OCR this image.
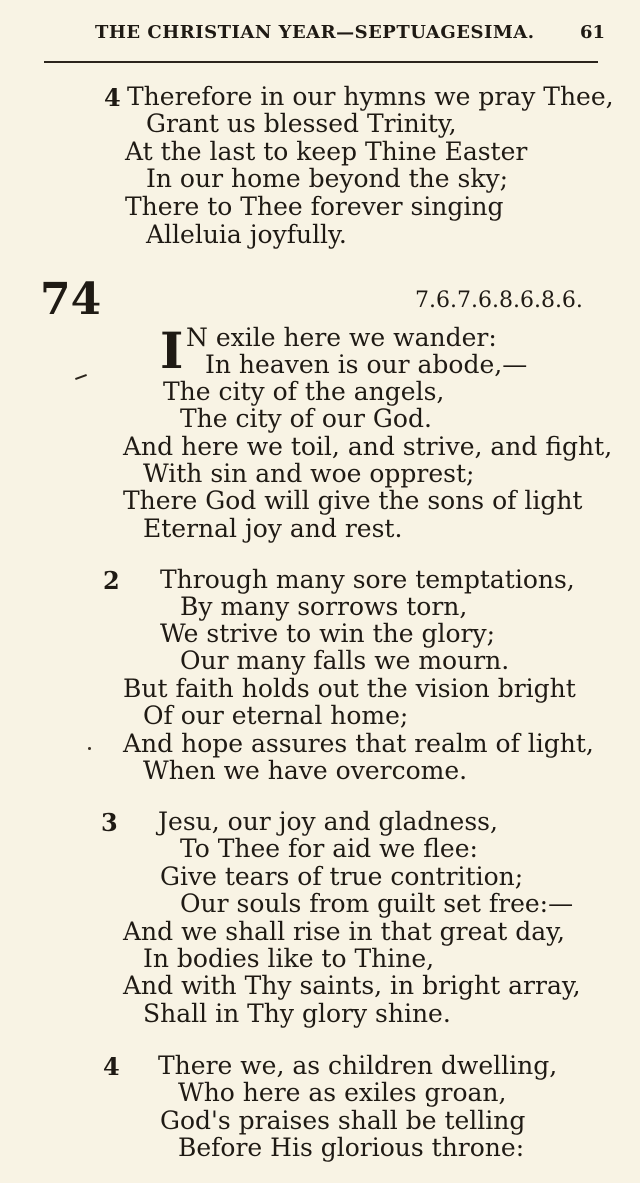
THE CHRISTIAN YEAR—SEPTUAGESIMA.	61
4 Therefore in our hymns we pray Thee,
Grant us blessed Trinity,
At the last to keep Thine Easter
In our home beyond the sky;
There to Thee forever singing
Alleluia joyfully.
74	7.6.7.6.8.6.8.6.
I N exile here we wander:
In heaven is our abode,—
The city of the angels,
The city of our God.
And here we toil, and strive, and fight,
With sin and woe opprest;
There God will give the sons of light
Eternal joy and rest.
2 Through many sore temptations,
By many sorrows torn,
We strive to win the glory;
Our many falls we mourn.
But faith holds out the vision bright
Of our eternal home;
And hope assures that realm of light,
When we have overcome.
3 Jesu, our joy and gladness,
To Thee for aid we flee:
Give tears of true contrition;
Our souls from guilt set free:—
And we shall rise in that great day,
In bodies like to Thine,
And with Thy saints, in bright array,
Shall in Thy glory shine.
4 There we, as children dwelling,
Who here as exiles groan,
God's praises shall be telling
Before His glorious throne:
